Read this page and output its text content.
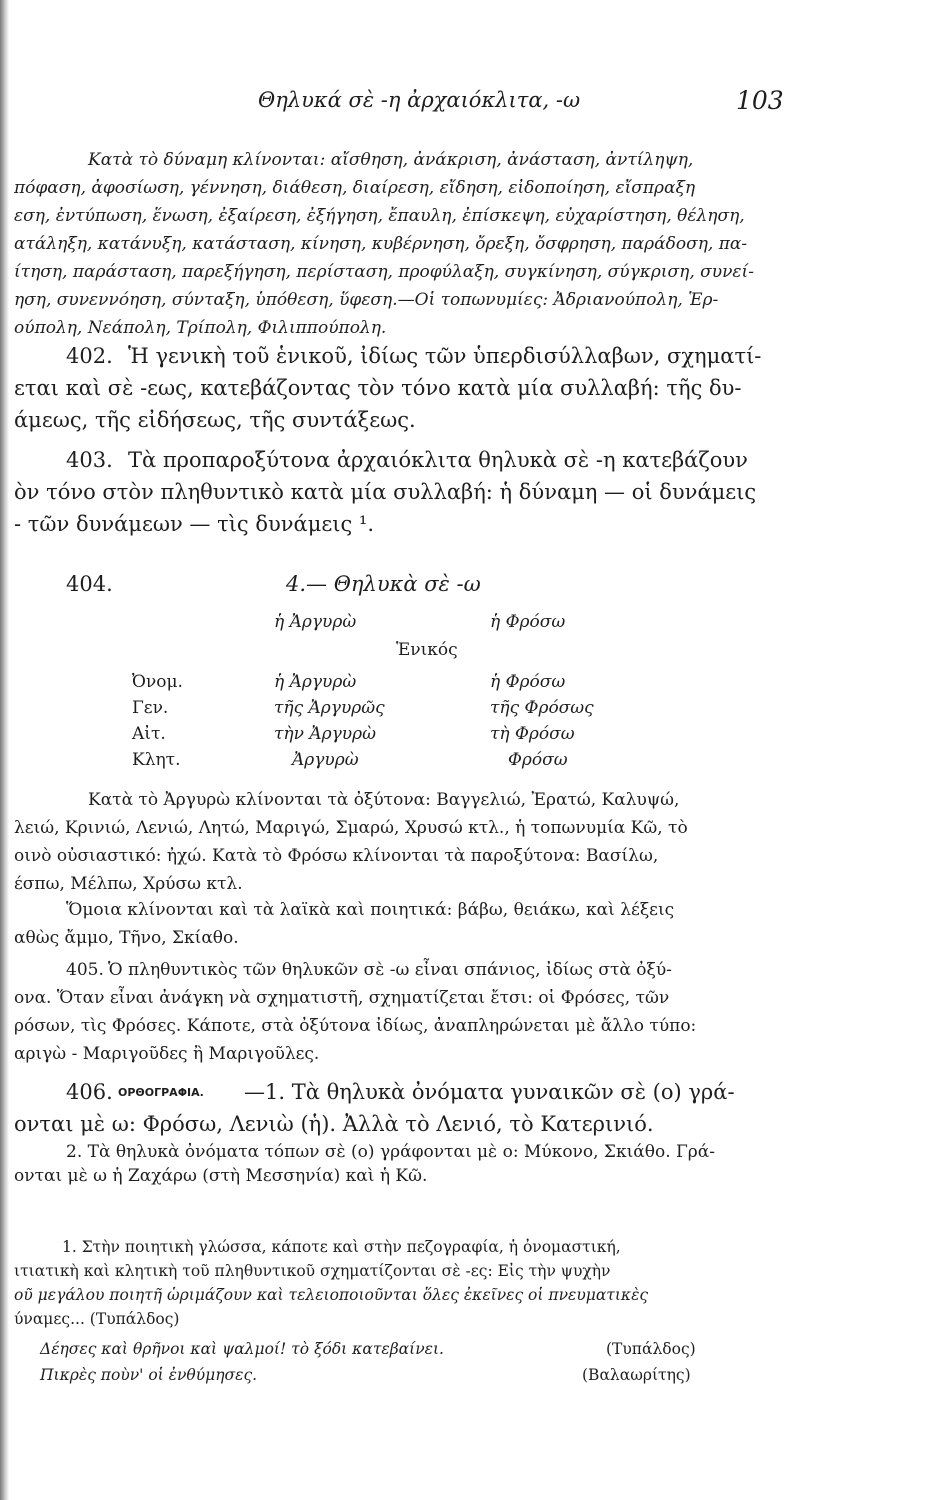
Θηλυκά σὲ -η ἀρχαιόκλιτα, -ω	103
Κατὰ τὸ δύναμη κλίνονται: αἴσθηση, ἀνάκριση, ἀνάσταση, ἀντίληψη,
πόφαση, ἀφοσίωση, γέννηση, διάθεση, διαίρεση, εἴδηση, εἰδοποίηση, εἴσπραξη
εση, ἐντύπωση, ἕνωση, ἐξαίρεση, ἐξήγηση, ἔπαυλη, ἐπίσκεψη, εὐχαρίστηση, θέληση,
ατάληξη, κατάνυξη, κατάσταση, κίνηση, κυβέρνηση, ὄρεξη, ὄσφρηση, παράδοση, πα-
ίτηση, παράσταση, παρεξήγηση, περίσταση, προφύλαξη, συγκίνηση, σύγκριση, συνεί-
ηση, συνεννόηση, σύνταξη, ὑπόθεση, ὕφεση.—Οἱ τοπωνυμίες: Ἀδριανούπολη, Ἑρ-
ούπολη, Νεάπολη, Τρίπολη, Φιλιππούπολη.
402. Ἡ γενικὴ τοῦ ἑνικοῦ, ἰδίως τῶν ὑπερδισύλλαβων, σχηματί-
εται καὶ σὲ -εως, κατεβάζοντας τὸν τόνο κατὰ μία συλλαβή: τῆς δυ-
άμεως, τῆς εἰδήσεως, τῆς συντάξεως.
403. Τὰ προπαροξύτονα ἀρχαιόκλιτα θηλυκὰ σὲ -η κατεβάζουν
ὸν τόνο στὸν πληθυντικὸ κατὰ μία συλλαβή: ἡ δύναμη — οἱ δυνάμεις
- τῶν δυνάμεων — τὶς δυνάμεις ¹.
404.	4.— Θηλυκὰ σὲ -ω
ἡ Ἀργυρὼ	ἡ Φρόσω
Ἑνικός
Ὀνομ.	ἡ Ἀργυρὼ	ἡ Φρόσω
Γεν.	τῆς Ἀργυρῶς	τῆς Φρόσως
Αἰτ.	τὴν Ἀργυρὼ	τὴ Φρόσω
Κλητ.	Ἀργυρὼ	Φρόσω
Κατὰ τὸ Ἀργυρὼ κλίνονται τὰ ὀξύτονα: Βαγγελιώ, Ἐρατώ, Καλυψώ,
λειώ, Κρινιώ, Λενιώ, Λητώ, Μαριγώ, Σμαρώ, Χρυσώ κτλ., ἡ τοπωνυμία Κῶ, τὸ
οινὸ οὐσιαστικό: ἠχώ. Κατὰ τὸ Φρόσω κλίνονται τὰ παροξύτονα: Βασίλω,
έσπω, Μέλπω, Χρύσω κτλ.
Ὅμοια κλίνονται καὶ τὰ λαϊκὰ καὶ ποιητικά: βάβω, θειάκω, καὶ λέξεις
αθὼς ἄμμο, Τῆνο, Σκίαθο.
405. Ὁ πληθυντικὸς τῶν θηλυκῶν σὲ -ω εἶναι σπάνιος, ἰδίως στὰ ὀξύ-
ονα. Ὅταν εἶναι ἀνάγκη νὰ σχηματιστῆ, σχηματίζεται ἔτσι: οἱ Φρόσες, τῶν
ρόσων, τὶς Φρόσες. Κάποτε, στὰ ὀξύτονα ἰδίως, ἀναπληρώνεται μὲ ἄλλο τύπο:
αριγὼ - Μαριγοῦδες ἢ Μαριγοῦλες.
406. ΟΡΘΟΓΡΑΦΙΑ. —1. Τὰ θηλυκὰ ὀνόματα γυναικῶν σὲ (ο) γρά-
ονται μὲ ω: Φρόσω, Λενιὼ (ἡ). Ἀλλὰ τὸ Λενιό, τὸ Κατερινιό.
2. Τὰ θηλυκὰ ὀνόματα τόπων σὲ (ο) γράφονται μὲ ο: Μύκονο, Σκιάθο. Γρά-
ονται μὲ ω ἡ Ζαχάρω (στὴ Μεσσηνία) καὶ ἡ Κῶ.
1. Στὴν ποιητικὴ γλώσσα, κάποτε καὶ στὴν πεζογραφία, ἡ ὀνομαστική,
ιτιατικὴ καὶ κλητικὴ τοῦ πληθυντικοῦ σχηματίζονται σὲ -ες: Εἰς τὴν ψυχὴν
οῦ μεγάλου ποιητῆ ὡριμάζουν καὶ τελειοποιοῦνται ὅλες ἐκεῖνες οἱ πνευματικὲς
ύναμες... (Τυπάλδος)
Δέησες καὶ θρῆνοι καὶ ψαλμοί! τὸ ξόδι κατεβαίνει.	(Τυπάλδος)
Πικρὲς ποὺν' οἱ ἐνθύμησες.	(Βαλαωρίτης)
